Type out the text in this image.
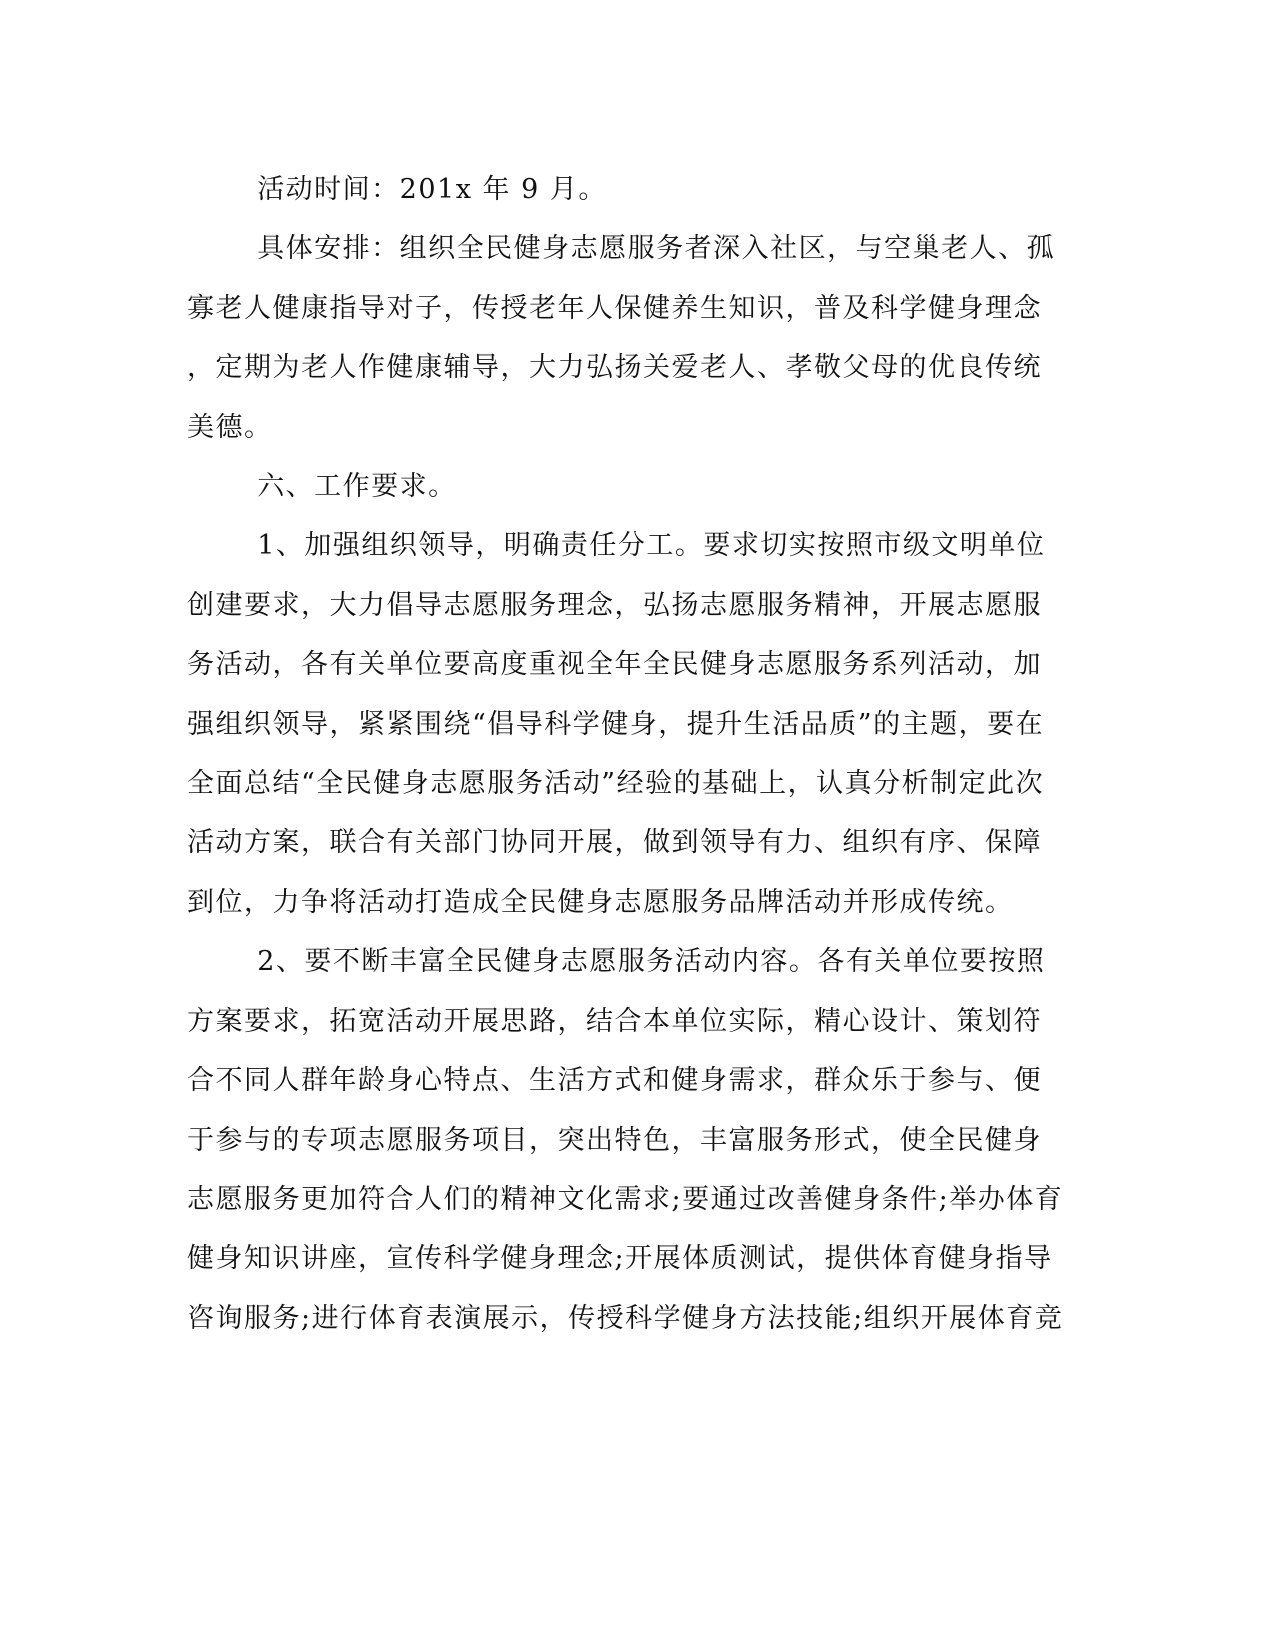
活动时间：201x 年 9 月。

具体安排：组织全民健身志愿服务者深入社区，与空巢老人、孤
寡老人健康指导对子，传授老年人保健养生知识，普及科学健身理念
，定期为老人作健康辅导，大力弘扬关爱老人、孝敬父母的优良传统
美德。

六、工作要求。

1、加强组织领导，明确责任分工。要求切实按照市级文明单位
创建要求，大力倡导志愿服务理念，弘扬志愿服务精神，开展志愿服
务活动，各有关单位要高度重视全年全民健身志愿服务系列活动，加
强组织领导，紧紧围绕“倡导科学健身，提升生活品质”的主题，要在
全面总结“全民健身志愿服务活动”经验的基础上，认真分析制定此次
活动方案，联合有关部门协同开展，做到领导有力、组织有序、保障
到位，力争将活动打造成全民健身志愿服务品牌活动并形成传统。

2、要不断丰富全民健身志愿服务活动内容。各有关单位要按照
方案要求，拓宽活动开展思路，结合本单位实际，精心设计、策划符
合不同人群年龄身心特点、生活方式和健身需求，群众乐于参与、便
于参与的专项志愿服务项目，突出特色，丰富服务形式，使全民健身
志愿服务更加符合人们的精神文化需求;要通过改善健身条件;举办体育
健身知识讲座，宣传科学健身理念;开展体质测试，提供体育健身指导
咨询服务;进行体育表演展示，传授科学健身方法技能;组织开展体育竞
